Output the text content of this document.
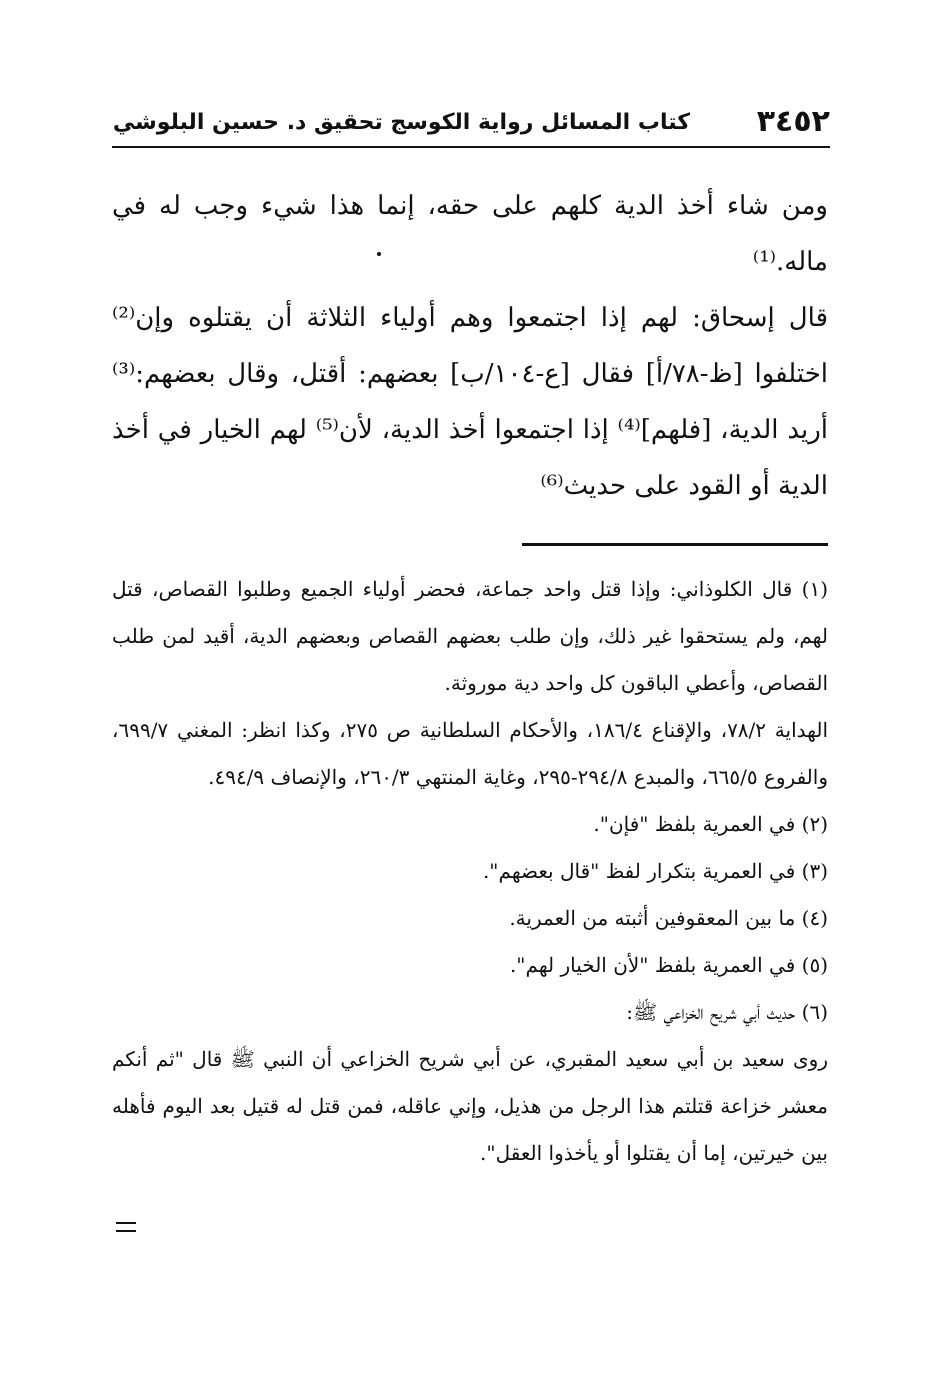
٣٤٥٢
كتاب المسائل رواية الكوسج تحقيق د. حسين البلوشي

ومن شاء أخذ الدية كلهم على حقه، إنما هذا شيء وجب له في ماله.⁽¹⁾

قال إسحاق: لهم إذا اجتمعوا وهم أولياء الثلاثة أن يقتلوه وإن⁽²⁾ اختلفوا [ظ-٧٨/أ] فقال [ع-١٠٤/ب] بعضهم: أقتل، وقال بعضهم:⁽³⁾ أريد الدية، [فلهم]⁽⁴⁾ إذا اجتمعوا أخذ الدية، لأن⁽⁵⁾ لهم الخيار في أخذ الدية أو القود على حديث⁽⁶⁾

(١) قال الكلوذاني: وإذا قتل واحد جماعة، فحضر أولياء الجميع وطلبوا القصاص، قتل لهم، ولم يستحقوا غير ذلك، وإن طلب بعضهم القصاص وبعضهم الدية، أقيد لمن طلب القصاص، وأعطي الباقون كل واحد دية موروثة.

الهداية ٧٨/٢، والإقناع ١٨٦/٤، والأحكام السلطانية ص ٢٧٥، وكذا انظر: المغني ٦٩٩/٧، والفروع ٦٦٥/٥، والمبدع ٢٩٤/٨-٢٩٥، وغاية المنتهي ٢٦٠/٣، والإنصاف ٤٩٤/٩.

(٢) في العمرية بلفظ "فإن".

(٣) في العمرية بتكرار لفظ "قال بعضهم".

(٤) ما بين المعقوفين أثبته من العمرية.

(٥) في العمرية بلفظ "لأن الخيار لهم".

(٦) حديث أبي شريح الخزاعي ﷺ:

روى سعيد بن أبي سعيد المقبري، عن أبي شريح الخزاعي أن النبي ﷺ قال "ثم أنكم معشر خزاعة قتلتم هذا الرجل من هذيل، وإني عاقله، فمن قتل له قتيل بعد اليوم فأهله بين خيرتين، إما أن يقتلوا أو يأخذوا العقل".
